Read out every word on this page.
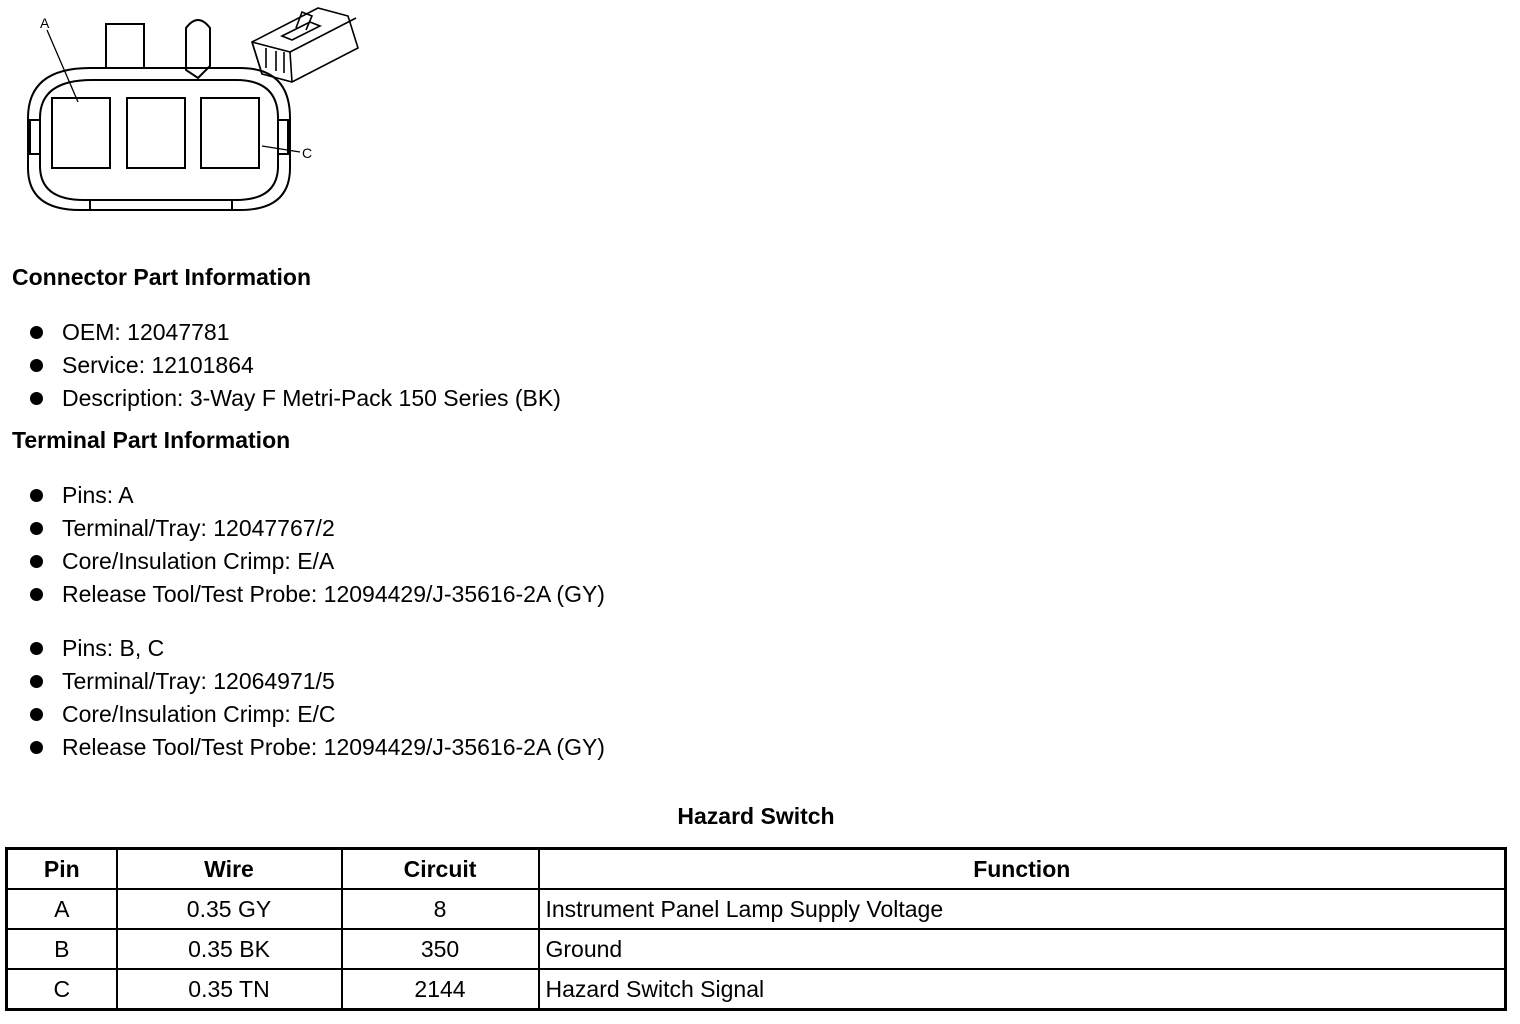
A
C
Connector Part Information
OEM: 12047781
Service: 12101864
Description: 3-Way F Metri-Pack 150 Series (BK)
Terminal Part Information
Pins: A
Terminal/Tray: 12047767/2
Core/Insulation Crimp: E/A
Release Tool/Test Probe: 12094429/J-35616-2A (GY)
Pins: B, C
Terminal/Tray: 12064971/5
Core/Insulation Crimp: E/C
Release Tool/Test Probe: 12094429/J-35616-2A (GY)
Hazard Switch
Pin	Wire	Circuit	Function
A	0.35 GY	8	Instrument Panel Lamp Supply Voltage
B	0.35 BK	350	Ground
C	0.35 TN	2144	Hazard Switch Signal
